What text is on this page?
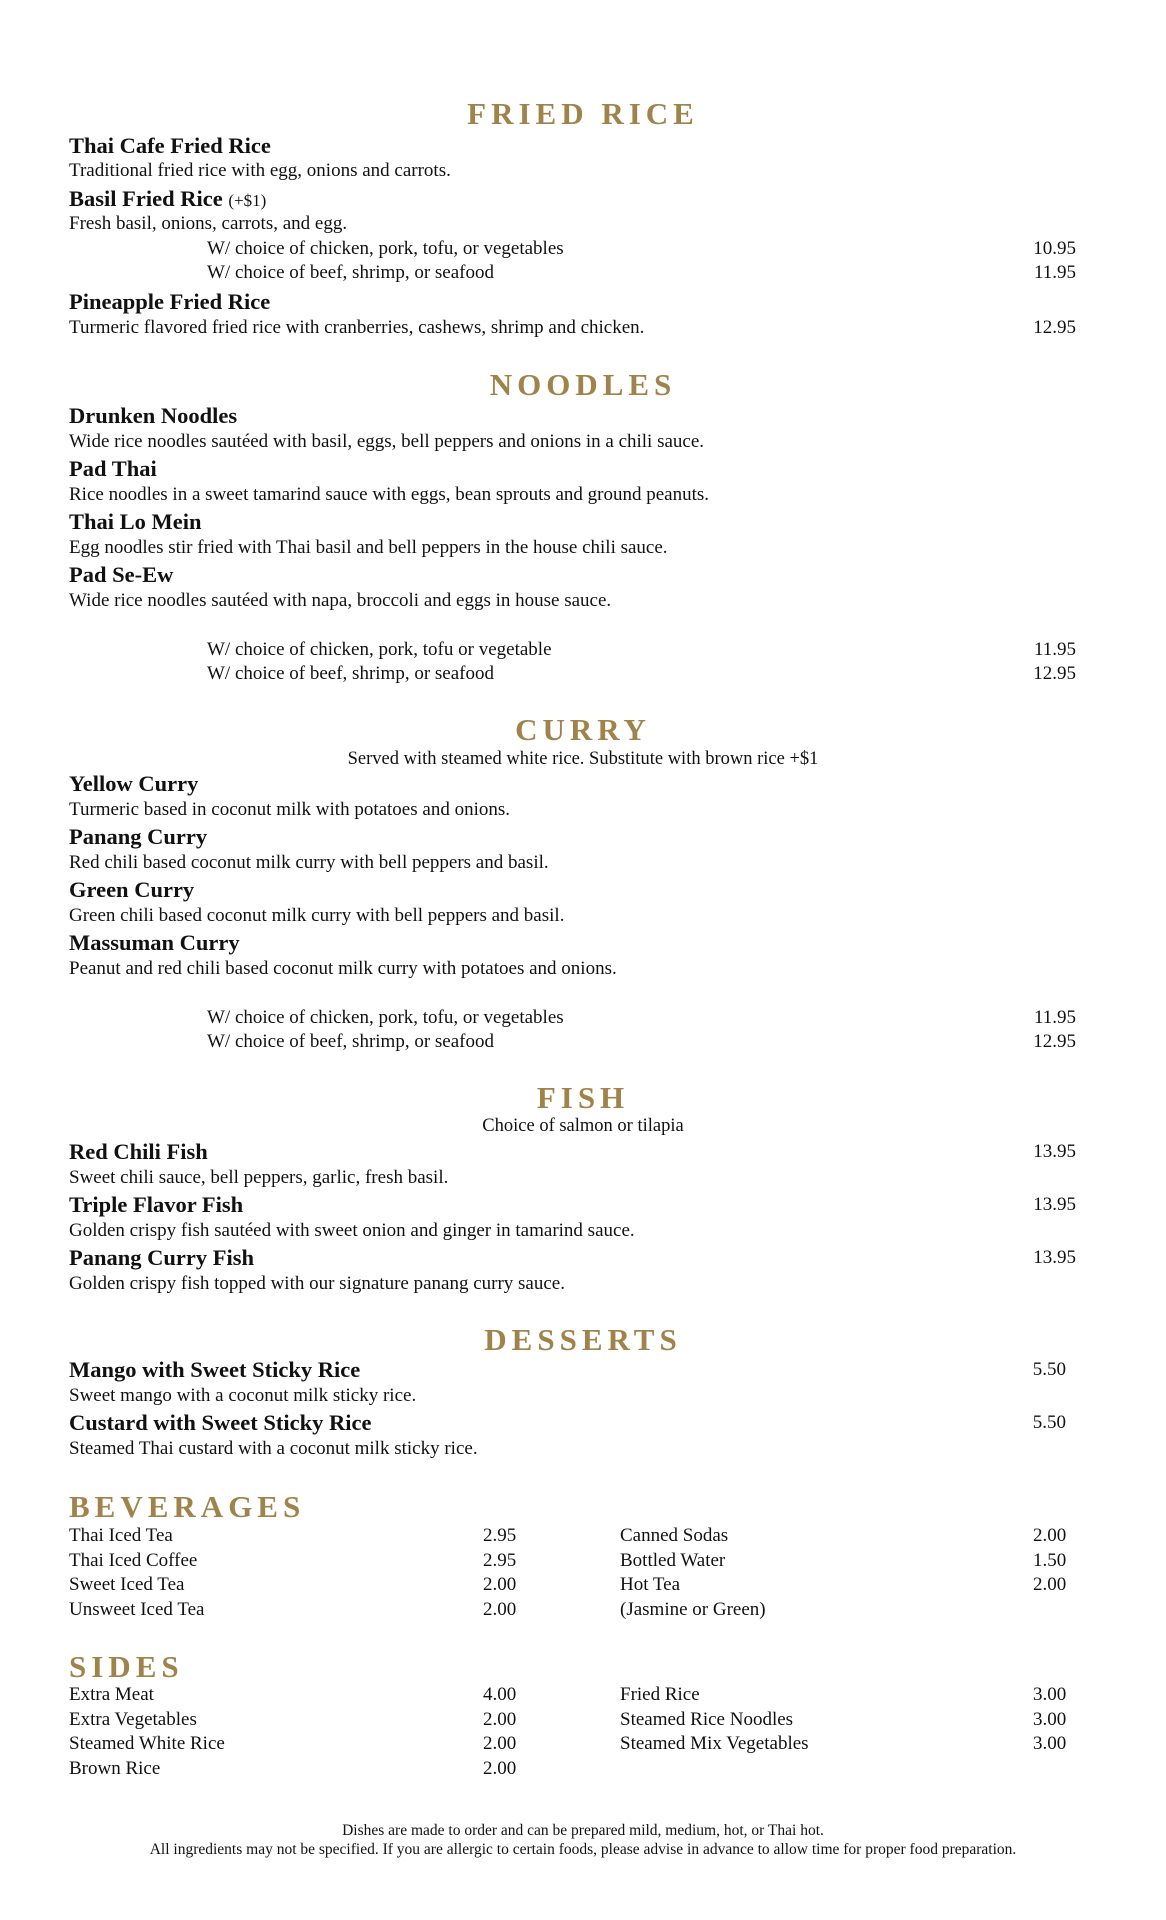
FRIED RICE
Thai Cafe Fried Rice
Traditional fried rice with egg, onions and carrots.
Basil Fried Rice (+$1)
Fresh basil, onions, carrots, and egg.
W/ choice of chicken, pork, tofu, or vegetables	10.95
W/ choice of beef, shrimp, or seafood	11.95
Pineapple Fried Rice
Turmeric flavored fried rice with cranberries, cashews, shrimp and chicken.	12.95
NOODLES
Drunken Noodles
Wide rice noodles sautéed with basil, eggs, bell peppers and onions in a chili sauce.
Pad Thai
Rice noodles in a sweet tamarind sauce with eggs, bean sprouts and ground peanuts.
Thai Lo Mein
Egg noodles stir fried with Thai basil and bell peppers in the house chili sauce.
Pad Se-Ew
Wide rice noodles sautéed with napa, broccoli and eggs in house sauce.
W/ choice of chicken, pork, tofu or vegetable	11.95
W/ choice of beef, shrimp, or seafood	12.95
CURRY
Served with steamed white rice. Substitute with brown rice +$1
Yellow Curry
Turmeric based in coconut milk with potatoes and onions.
Panang Curry
Red chili based coconut milk curry with bell peppers and basil.
Green Curry
Green chili based coconut milk curry with bell peppers and basil.
Massuman Curry
Peanut and red chili based coconut milk curry with potatoes and onions.
W/ choice of chicken, pork, tofu, or vegetables	11.95
W/ choice of beef, shrimp, or seafood	12.95
FISH
Choice of salmon or tilapia
Red Chili Fish	13.95
Sweet chili sauce, bell peppers, garlic, fresh basil.
Triple Flavor Fish	13.95
Golden crispy fish sautéed with sweet onion and ginger in tamarind sauce.
Panang Curry Fish	13.95
Golden crispy fish topped with our signature panang curry sauce.
DESSERTS
Mango with Sweet Sticky Rice	5.50
Sweet mango with a coconut milk sticky rice.
Custard with Sweet Sticky Rice	5.50
Steamed Thai custard with a coconut milk sticky rice.
BEVERAGES
Thai Iced Tea	2.95
Thai Iced Coffee	2.95
Sweet Iced Tea	2.00
Unsweet Iced Tea	2.00
Canned Sodas	2.00
Bottled Water	1.50
Hot Tea	2.00
(Jasmine or Green)
SIDES
Extra Meat	4.00
Extra Vegetables	2.00
Steamed White Rice	2.00
Brown Rice	2.00
Fried Rice	3.00
Steamed Rice Noodles	3.00
Steamed Mix Vegetables	3.00
Dishes are made to order and can be prepared mild, medium, hot, or Thai hot.
All ingredients may not be specified. If you are allergic to certain foods, please advise in advance to allow time for proper food preparation.
